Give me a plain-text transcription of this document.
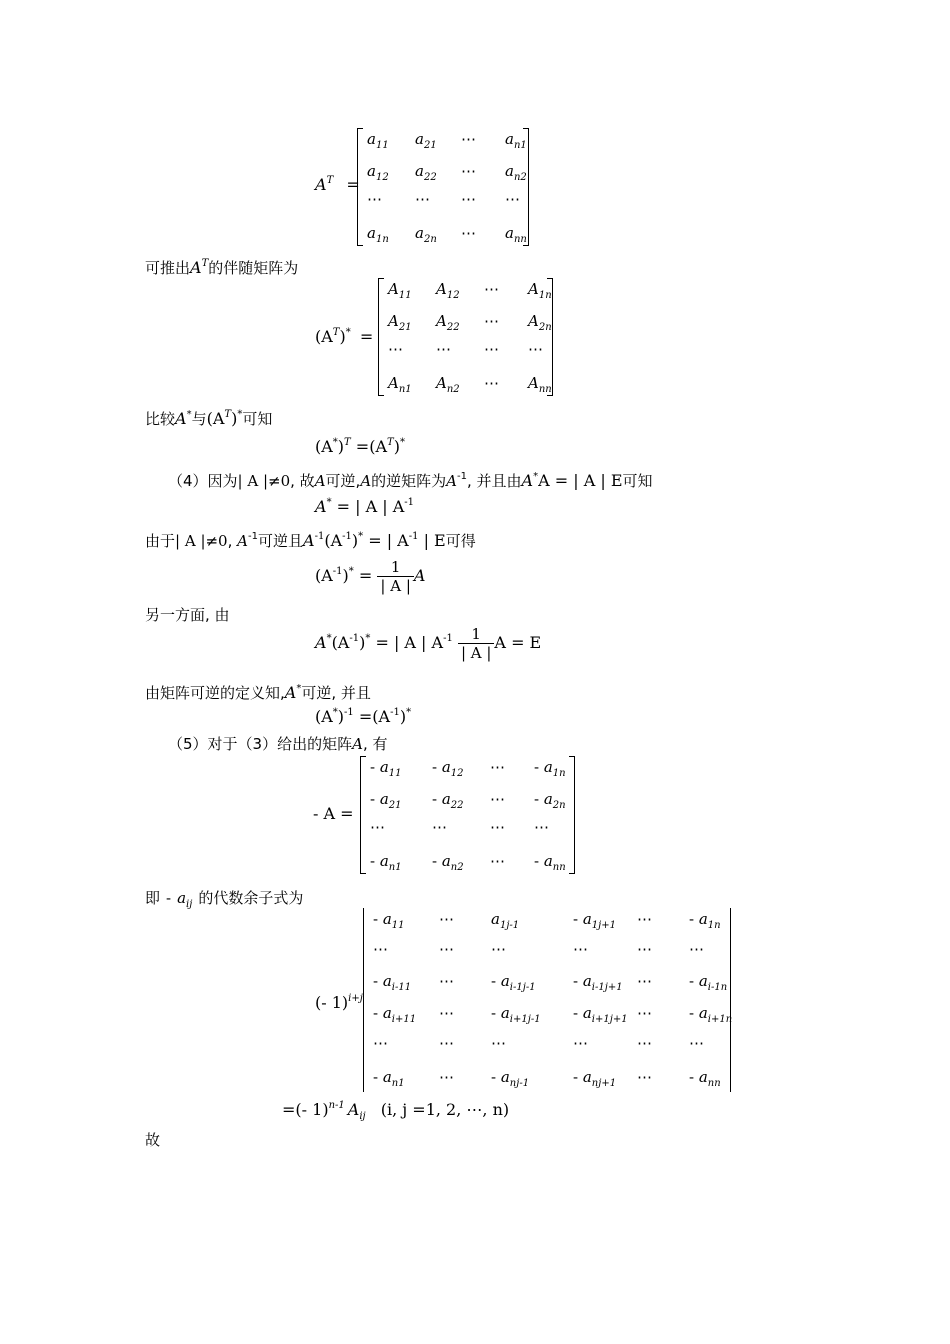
$A^T$ =
$a_{11}$ $a_{21}$ ⋯ $a_{n1}$
$a_{12}$ $a_{22}$ ⋯ $a_{n2}$
⋯ ⋯ ⋯ ⋯
$a_{1n}$ $a_{2n}$ ⋯ $a_{nn}$
可推出$A^T$的伴随矩阵为
$(A^T)^*$ =
$A_{11}$ $A_{12}$ ⋯ $A_{1n}$
$A_{21}$ $A_{22}$ ⋯ $A_{2n}$
⋯ ⋯ ⋯ ⋯
$A_{n1}$ $A_{n2}$ ⋯ $A_{nn}$
比较A*与$(A^T)^*$可知
$(A^*)^T =(A^T)^*$
（4）因为| A |≠0, 故A可逆,A的逆矩阵为$A^{-1}$, 并且由A*A = | A | E可知
A* = | A | $A^{-1}$
由于| A |≠0, $A^{-1}$可逆且$A^{-1}(A^{-1})^*$ = | $A^{-1}$ | E可得
$(A^{-1})^* = \frac{1}{| A |}$ A
另一方面, 由
$A^*(A^{-1})^*$ = | A | $A^{-1} \frac{1}{| A |}$ A = E
由矩阵可逆的定义知,A*可逆, 并且
$(A^*)^{-1} =(A^{-1})^*$
（5）对于（3）给出的矩阵A, 有
- A =
- $a_{11} - a_{12}$ ⋯ - $a_{1n}$
- $a_{21} - a_{22}$ ⋯ - $a_{2n}$
⋯	⋯	⋯ ⋯
- $a_{n1} - a_{n2}$ ⋯ - $a_{nn}$
即 - $a_{ij}$ 的代数余子式为
(- 1)$^{i+j}$
- $a_{11}$ ⋯ $a_{1j-1}$	- $a_{1j+1}$ ⋯ - $a_{1n}$
⋯	⋯ ⋯	⋯	⋯ ⋯
- $a_{i-11}$ ⋯ - $a_{i-1j-1} - a_{i-1j+1}$ ⋯ - $a_{i-1n}$
- $a_{i+11}$ ⋯ - $a_{i+1j-1} - a_{i+1j+1}$ ⋯ - $a_{i+1n}$
⋯	⋯ ⋯	⋯	⋯ ⋯
- $a_{n1}$ ⋯ - $a_{nj-1}$	- $a_{nj+1}$ ⋯ - $a_{nn}$
=(- 1)$^{n-1}$ $A_{ij}$ (i, j =1, 2, ⋯, n)
故
